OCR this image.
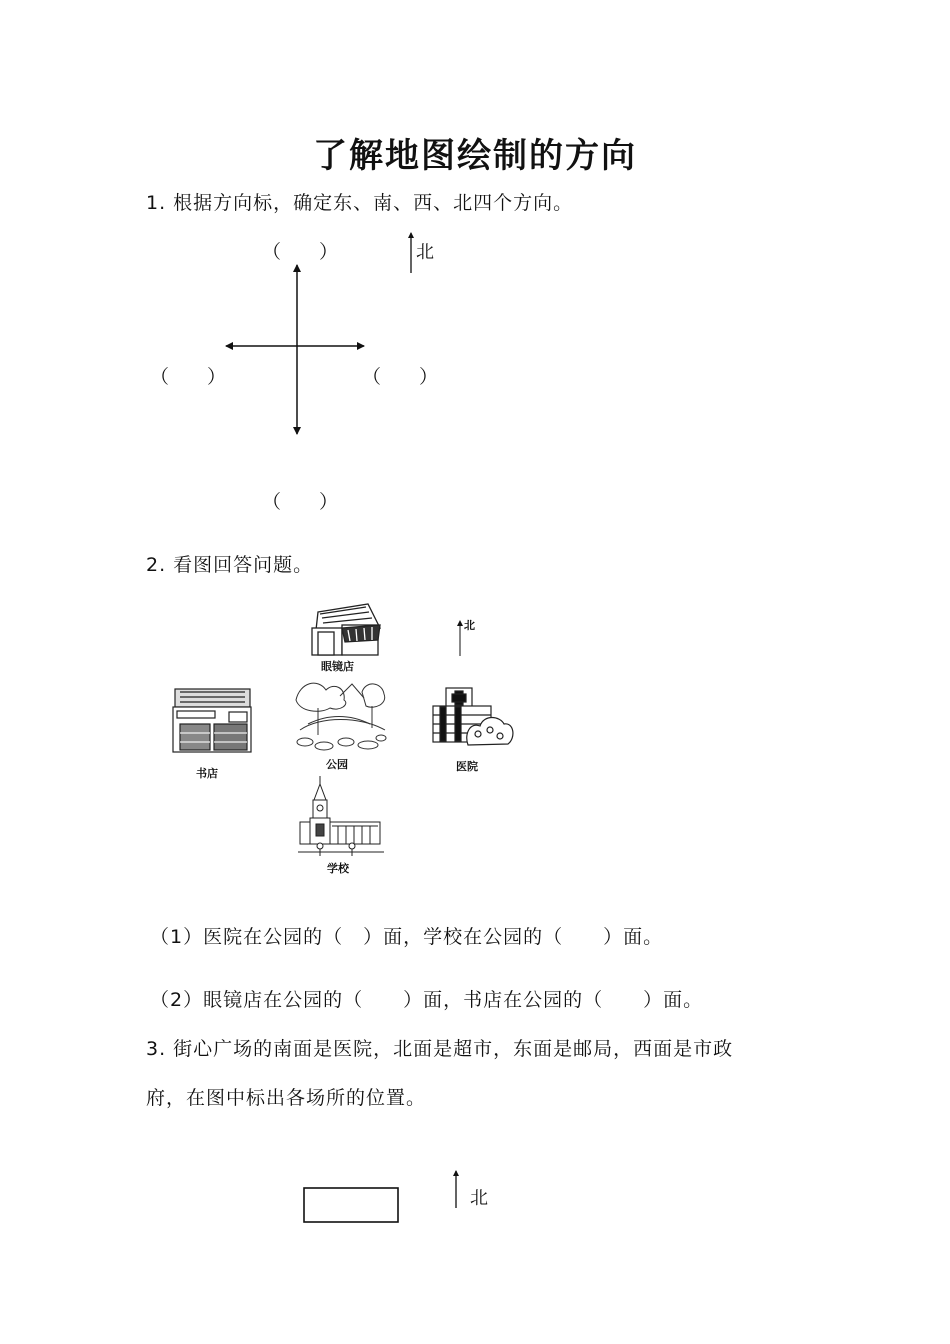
了解地图绘制的方向
1. 根据方向标，确定东、南、西、北四个方向。
（　　）
（　　）	（　　）
（　　）
北
2. 看图回答问题。
北
眼镜店
书店
公园	医院
学校
（1）医院在公园的（　）面，学校在公园的（　　）面。
（2）眼镜店在公园的（　　）面，书店在公园的（　　）面。
3. 街心广场的南面是医院，北面是超市，东面是邮局，西面是市政
府，在图中标出各场所的位置。
北
